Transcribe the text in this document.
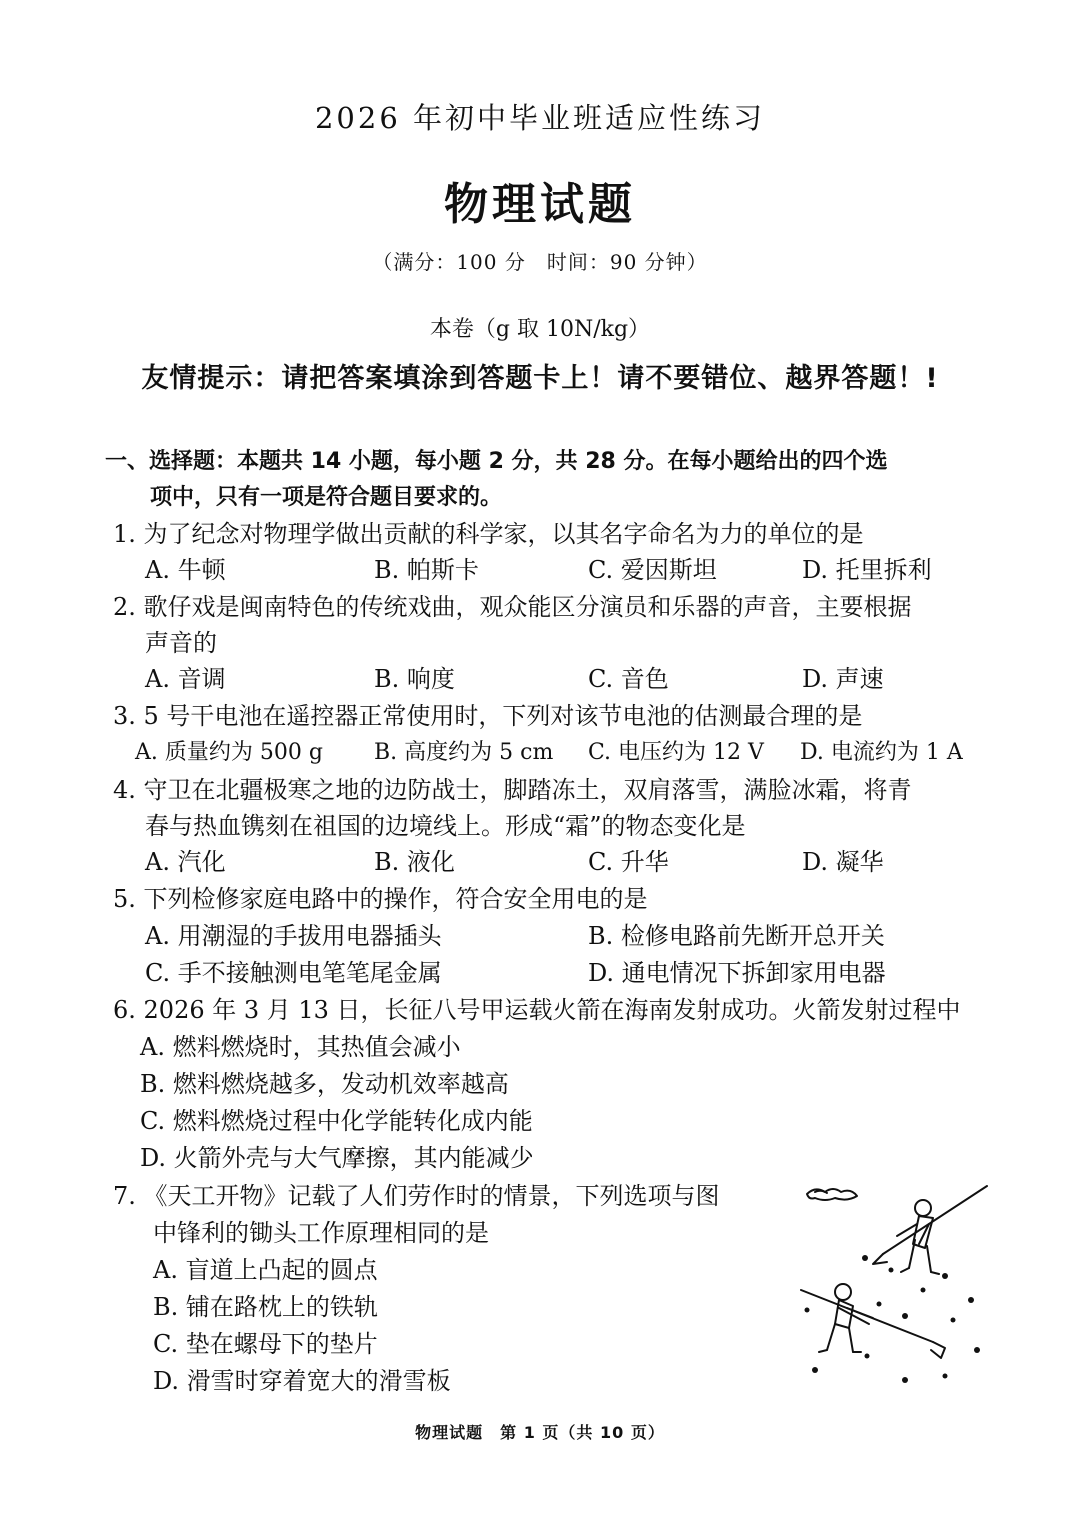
2026 年初中毕业班适应性练习
物理试题
（满分：100 分　时间：90 分钟）
本卷（g 取 10N/kg）
友情提示：请把答案填涂到答题卡上！请不要错位、越界答题！!
一、选择题：本题共 14 小题，每小题 2 分，共 28 分。在每小题给出的四个选
项中，只有一项是符合题目要求的。
1. 为了纪念对物理学做出贡献的科学家，以其名字命名为力的单位的是
A. 牛顿	B. 帕斯卡	C. 爱因斯坦	D. 托里拆利
2. 歌仔戏是闽南特色的传统戏曲，观众能区分演员和乐器的声音，主要根据
声音的
A. 音调	B. 响度	C. 音色	D. 声速
3. 5 号干电池在遥控器正常使用时，下列对该节电池的估测最合理的是
A. 质量约为 500 g B. 高度约为 5 cm C. 电压约为 12 V D. 电流约为 1 A
4. 守卫在北疆极寒之地的边防战士，脚踏冻土，双肩落雪，满脸冰霜，将青
春与热血镌刻在祖国的边境线上。形成“霜”的物态变化是
A. 汽化	B. 液化	C. 升华	D. 凝华
5. 下列检修家庭电路中的操作，符合安全用电的是
A. 用潮湿的手拔用电器插头	B. 检修电路前先断开总开关
C. 手不接触测电笔笔尾金属	D. 通电情况下拆卸家用电器
6. 2026 年 3 月 13 日，长征八号甲运载火箭在海南发射成功。火箭发射过程中
A. 燃料燃烧时，其热值会减小
B. 燃料燃烧越多，发动机效率越高
C. 燃料燃烧过程中化学能转化成内能
D. 火箭外壳与大气摩擦，其内能减少
7. 《天工开物》记载了人们劳作时的情景，下列选项与图
中锋利的锄头工作原理相同的是
A. 盲道上凸起的圆点
B. 铺在路枕上的铁轨
C. 垫在螺母下的垫片
D. 滑雪时穿着宽大的滑雪板
物理试题　第 1 页（共 10 页）
